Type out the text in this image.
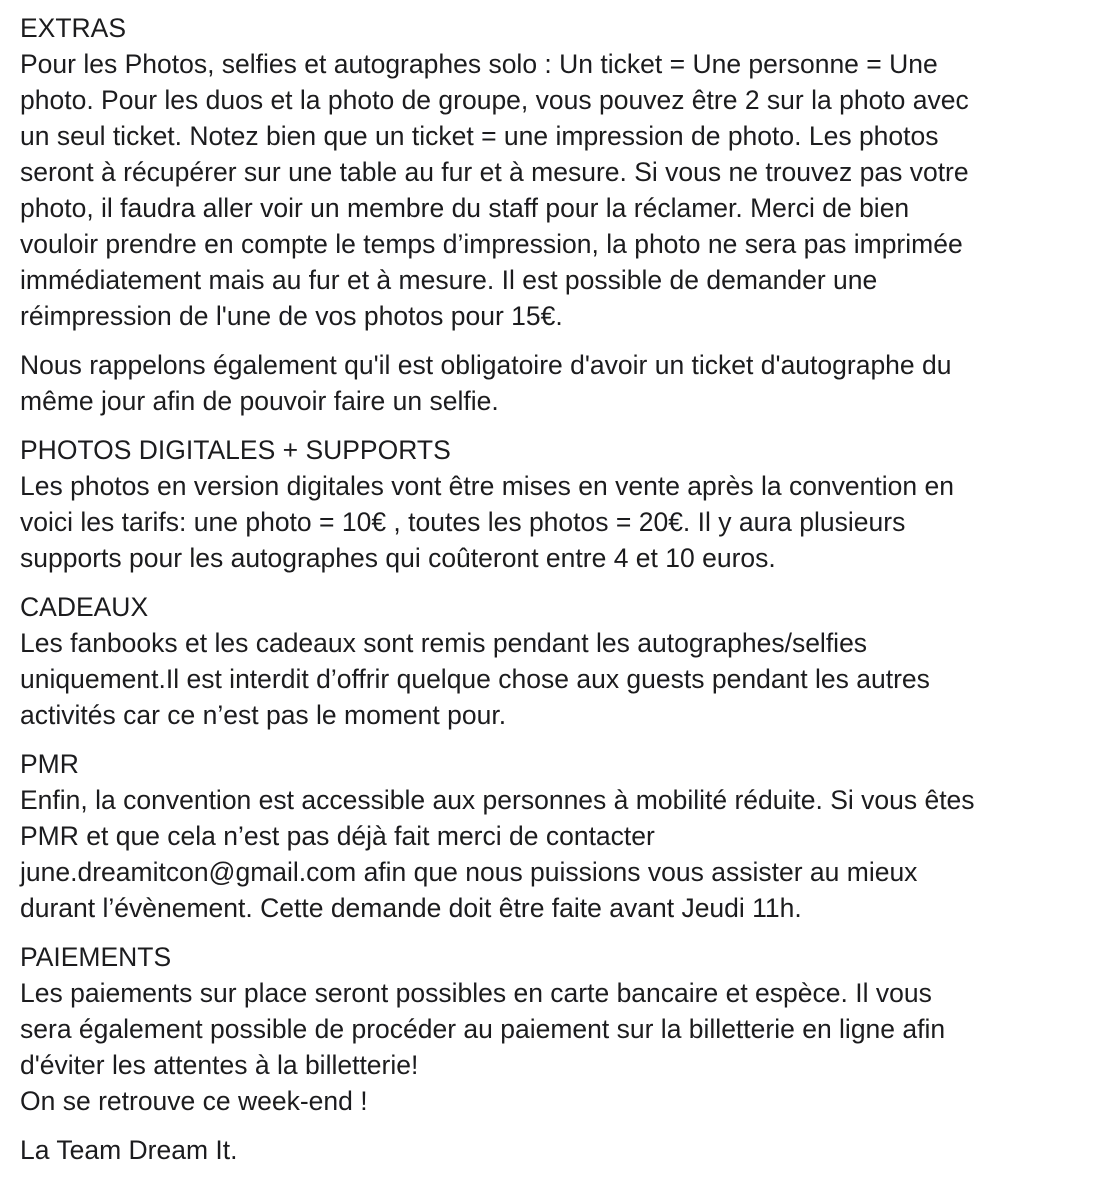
EXTRAS
Pour les Photos, selfies et autographes solo : Un ticket = Une personne = Une
photo. Pour les duos et la photo de groupe, vous pouvez être 2 sur la photo avec
un seul ticket. Notez bien que un ticket = une impression de photo. Les photos
seront à récupérer sur une table au fur et à mesure. Si vous ne trouvez pas votre
photo, il faudra aller voir un membre du staff pour la réclamer. Merci de bien
vouloir prendre en compte le temps d’impression, la photo ne sera pas imprimée
immédiatement mais au fur et à mesure. Il est possible de demander une
réimpression de l'une de vos photos pour 15€.
Nous rappelons également qu'il est obligatoire d'avoir un ticket d'autographe du
même jour afin de pouvoir faire un selfie.
PHOTOS DIGITALES + SUPPORTS
Les photos en version digitales vont être mises en vente après la convention en
voici les tarifs: une photo = 10€ , toutes les photos = 20€. Il y aura plusieurs
supports pour les autographes qui coûteront entre 4 et 10 euros.
CADEAUX
Les fanbooks et les cadeaux sont remis pendant les autographes/selfies
uniquement.Il est interdit d’offrir quelque chose aux guests pendant les autres
activités car ce n’est pas le moment pour.
PMR
Enfin, la convention est accessible aux personnes à mobilité réduite. Si vous êtes
PMR et que cela n’est pas déjà fait merci de contacter
june.dreamitcon@gmail.com afin que nous puissions vous assister au mieux
durant l’évènement. Cette demande doit être faite avant Jeudi 11h.
PAIEMENTS
Les paiements sur place seront possibles en carte bancaire et espèce. Il vous
sera également possible de procéder au paiement sur la billetterie en ligne afin
d'éviter les attentes à la billetterie!
On se retrouve ce week-end !
La Team Dream It.
